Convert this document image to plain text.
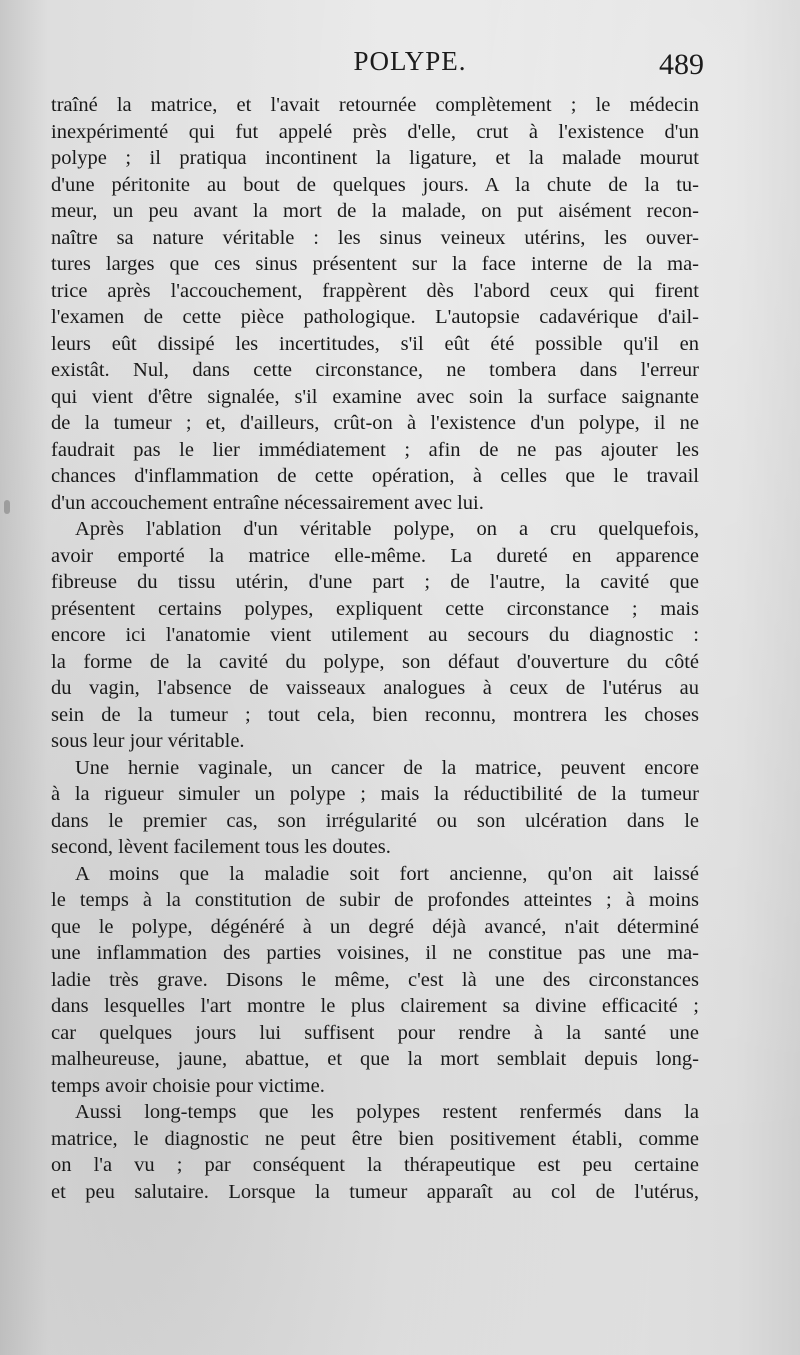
POLYPE.	489
traîné la matrice, et l'avait retournée complètement ; le médecin
inexpérimenté qui fut appelé près d'elle, crut à l'existence d'un
polype ; il pratiqua incontinent la ligature, et la malade mourut
d'une péritonite au bout de quelques jours. A la chute de la tu-
meur, un peu avant la mort de la malade, on put aisément recon-
naître sa nature véritable : les sinus veineux utérins, les ouver-
tures larges que ces sinus présentent sur la face interne de la ma-
trice après l'accouchement, frappèrent dès l'abord ceux qui firent
l'examen de cette pièce pathologique. L'autopsie cadavérique d'ail-
leurs eût dissipé les incertitudes, s'il eût été possible qu'il en
existât. Nul, dans cette circonstance, ne tombera dans l'erreur
qui vient d'être signalée, s'il examine avec soin la surface saignante
de la tumeur ; et, d'ailleurs, crût-on à l'existence d'un polype, il ne
faudrait pas le lier immédiatement ; afin de ne pas ajouter les
chances d'inflammation de cette opération, à celles que le travail
d'un accouchement entraîne nécessairement avec lui.
Après l'ablation d'un véritable polype, on a cru quelquefois,
avoir emporté la matrice elle-même. La dureté en apparence
fibreuse du tissu utérin, d'une part ; de l'autre, la cavité que
présentent certains polypes, expliquent cette circonstance ; mais
encore ici l'anatomie vient utilement au secours du diagnostic :
la forme de la cavité du polype, son défaut d'ouverture du côté
du vagin, l'absence de vaisseaux analogues à ceux de l'utérus au
sein de la tumeur ; tout cela, bien reconnu, montrera les choses
sous leur jour véritable.
Une hernie vaginale, un cancer de la matrice, peuvent encore
à la rigueur simuler un polype ; mais la réductibilité de la tumeur
dans le premier cas, son irrégularité ou son ulcération dans le
second, lèvent facilement tous les doutes.
A moins que la maladie soit fort ancienne, qu'on ait laissé
le temps à la constitution de subir de profondes atteintes ; à moins
que le polype, dégénéré à un degré déjà avancé, n'ait déterminé
une inflammation des parties voisines, il ne constitue pas une ma-
ladie très grave. Disons le même, c'est là une des circonstances
dans lesquelles l'art montre le plus clairement sa divine efficacité ;
car quelques jours lui suffisent pour rendre à la santé une
malheureuse, jaune, abattue, et que la mort semblait depuis long-
temps avoir choisie pour victime.
Aussi long-temps que les polypes restent renfermés dans la
matrice, le diagnostic ne peut être bien positivement établi, comme
on l'a vu ; par conséquent la thérapeutique est peu certaine
et peu salutaire. Lorsque la tumeur apparaît au col de l'utérus,
